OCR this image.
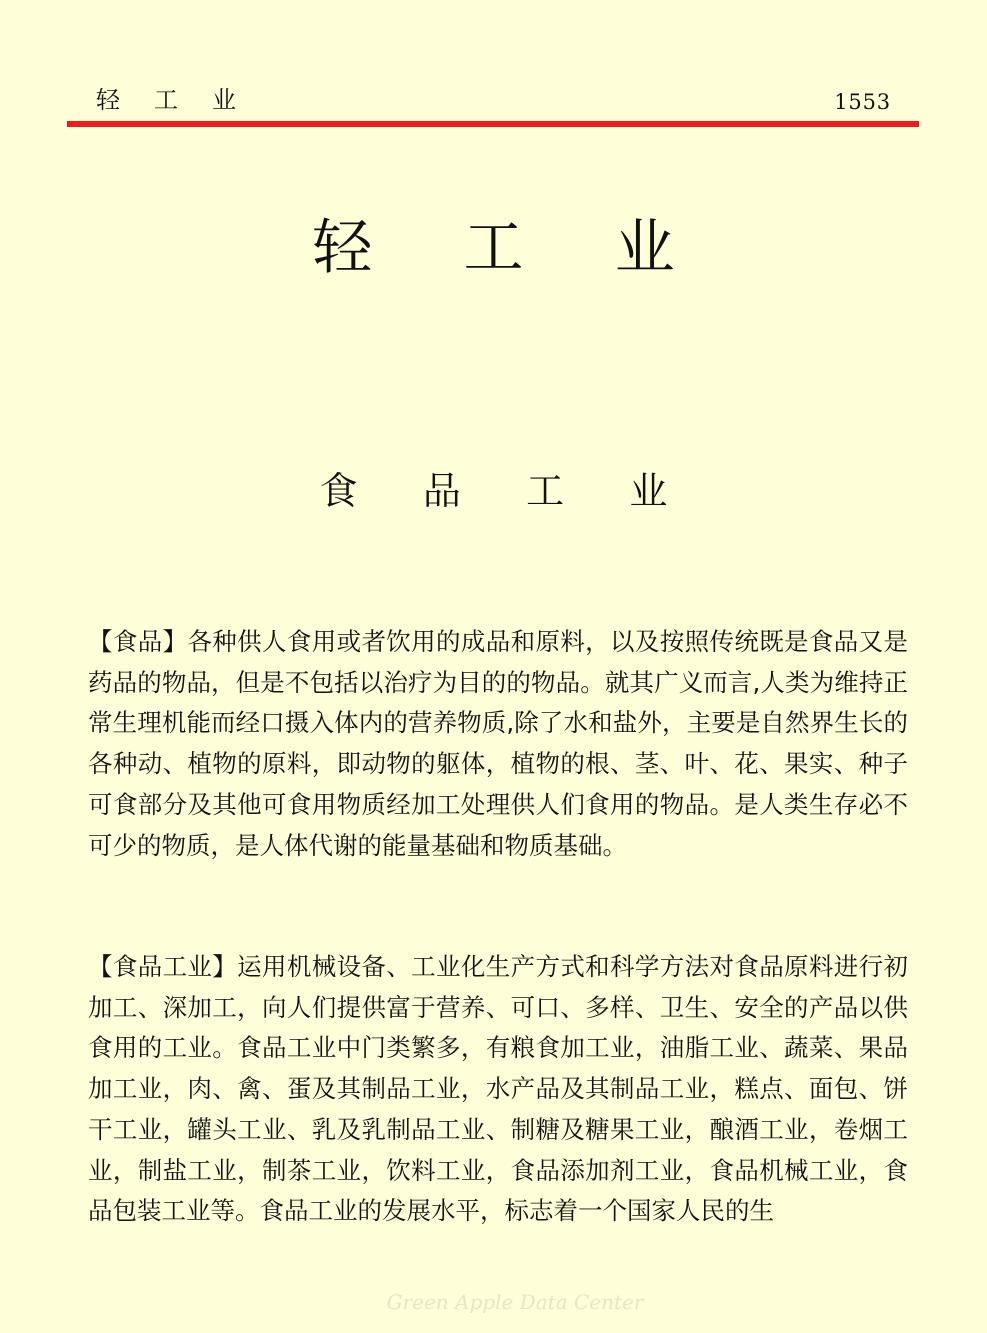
轻 工 业	1553
轻 工 业
食 品 工 业

【食品】各种供人食用或者饮用的成品和原料，以及按照传统既是食品又是药品的物品，但是不包括以治疗为目的的物品。就其广义而言,人类为维持正常生理机能而经口摄入体内的营养物质,除了水和盐外，主要是自然界生长的各种动、植物的原料，即动物的躯体，植物的根、茎、叶、花、果实、种子可食部分及其他可食用物质经加工处理供人们食用的物品。是人类生存必不可少的物质，是人体代谢的能量基础和物质基础。

【食品工业】运用机械设备、工业化生产方式和科学方法对食品原料进行初加工、深加工，向人们提供富于营养、可口、多样、卫生、安全的产品以供食用的工业。食品工业中门类繁多，有粮食加工业，油脂工业、蔬菜、果品加工业，肉、禽、蛋及其制品工业，水产品及其制品工业，糕点、面包、饼干工业，罐头工业、乳及乳制品工业、制糖及糖果工业，酿酒工业，卷烟工业，制盐工业，制茶工业，饮料工业，食品添加剂工业，食品机械工业，食品包装工业等。食品工业的发展水平，标志着一个国家人民的生

Green Apple Data Center
